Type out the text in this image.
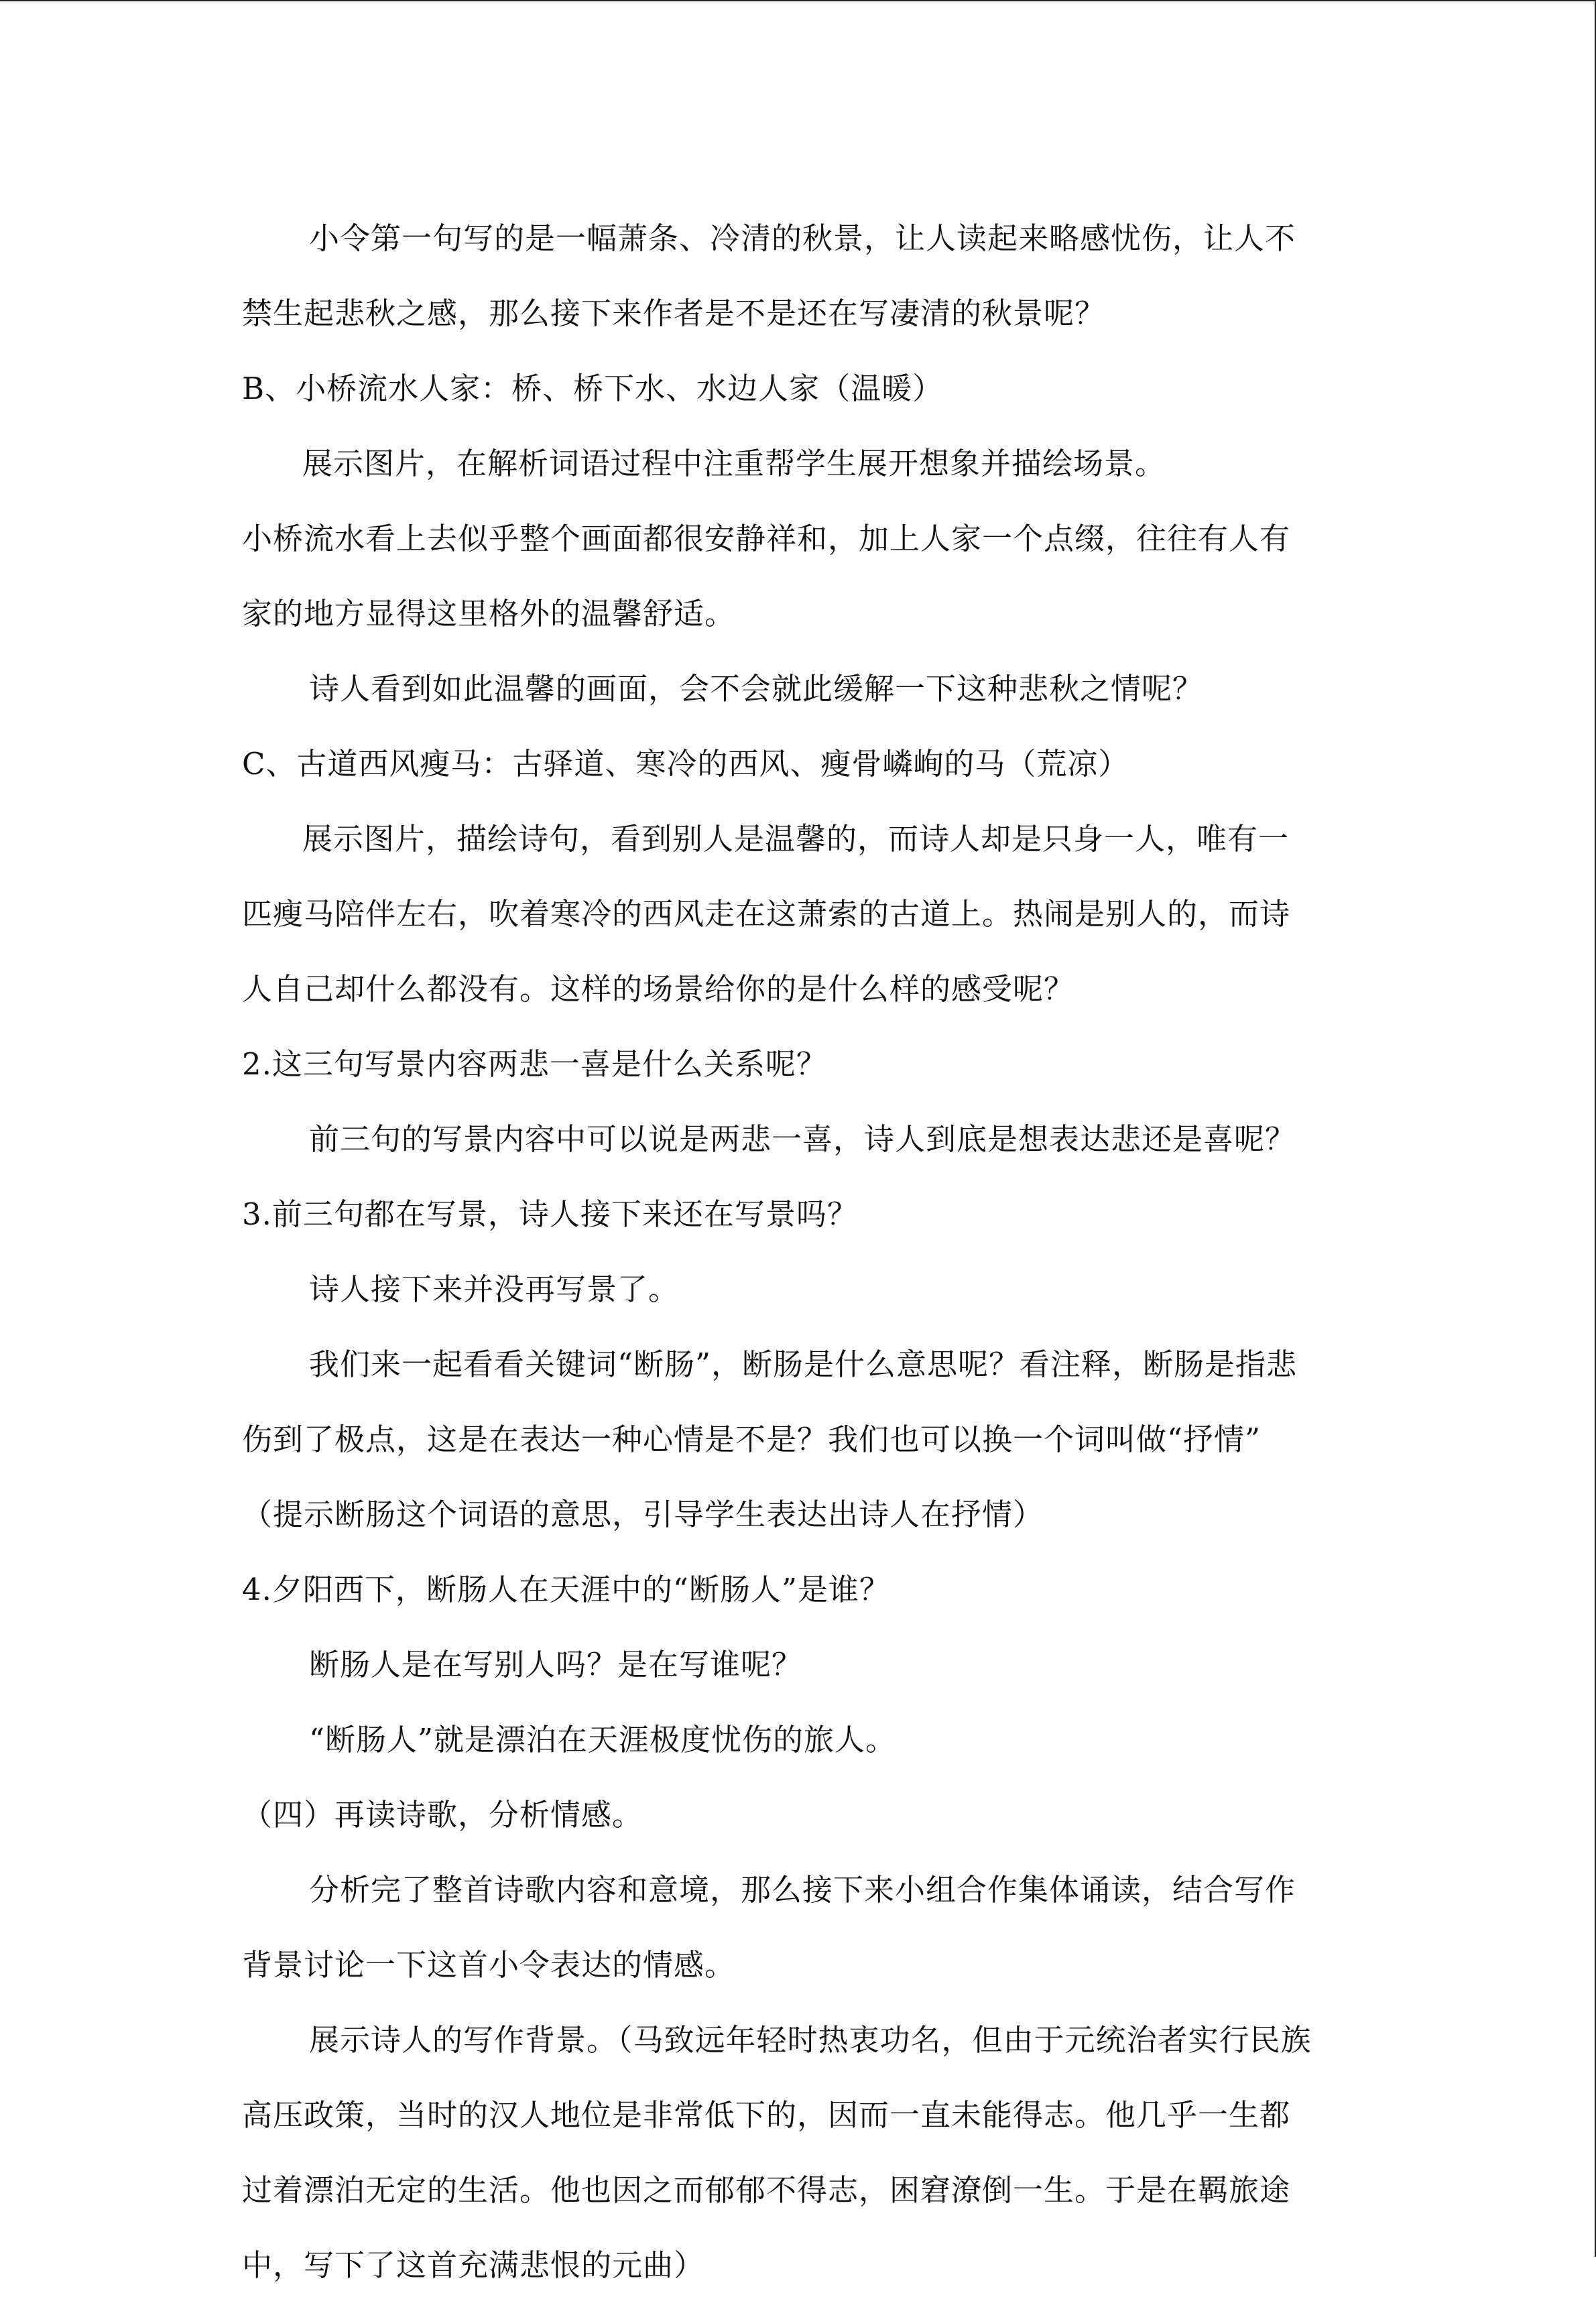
小令第一句写的是一幅萧条、冷清的秋景，让人读起来略感忧伤，让人不
禁生起悲秋之感，那么接下来作者是不是还在写凄清的秋景呢？
B、小桥流水人家：桥、桥下水、水边人家（温暖）
展示图片，在解析词语过程中注重帮学生展开想象并描绘场景。
小桥流水看上去似乎整个画面都很安静祥和，加上人家一个点缀，往往有人有
家的地方显得这里格外的温馨舒适。
诗人看到如此温馨的画面，会不会就此缓解一下这种悲秋之情呢？
C、古道西风瘦马：古驿道、寒冷的西风、瘦骨嶙峋的马（荒凉）
展示图片，描绘诗句，看到别人是温馨的，而诗人却是只身一人，唯有一
匹瘦马陪伴左右，吹着寒冷的西风走在这萧索的古道上。热闹是别人的，而诗
人自己却什么都没有。这样的场景给你的是什么样的感受呢？
2.这三句写景内容两悲一喜是什么关系呢？
前三句的写景内容中可以说是两悲一喜，诗人到底是想表达悲还是喜呢？
3.前三句都在写景，诗人接下来还在写景吗？
诗人接下来并没再写景了。
我们来一起看看关键词“断肠”，断肠是什么意思呢？看注释，断肠是指悲
伤到了极点，这是在表达一种心情是不是？我们也可以换一个词叫做“抒情”
（提示断肠这个词语的意思，引导学生表达出诗人在抒情）
4.夕阳西下，断肠人在天涯中的“断肠人”是谁？
断肠人是在写别人吗？是在写谁呢？
“断肠人”就是漂泊在天涯极度忧伤的旅人。
（四）再读诗歌，分析情感。
分析完了整首诗歌内容和意境，那么接下来小组合作集体诵读，结合写作
背景讨论一下这首小令表达的情感。
展示诗人的写作背景。（马致远年轻时热衷功名，但由于元统治者实行民族
高压政策，当时的汉人地位是非常低下的，因而一直未能得志。他几乎一生都
过着漂泊无定的生活。他也因之而郁郁不得志，困窘潦倒一生。于是在羁旅途
中，写下了这首充满悲恨的元曲）
